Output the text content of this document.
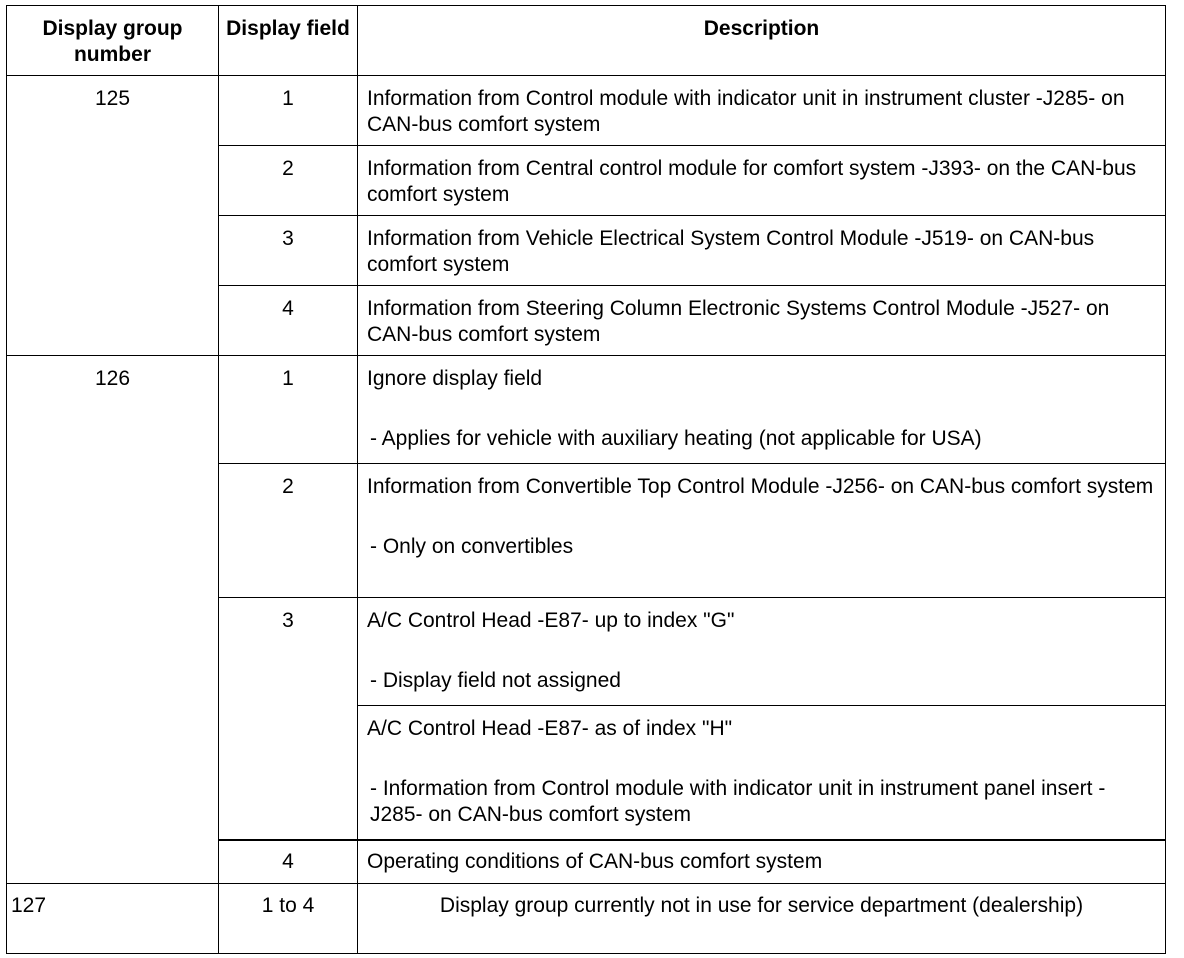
Display group number	Display field	Description
125	1	Information from Control module with indicator unit in instrument cluster -J285- on CAN-bus comfort system
	2	Information from Central control module for comfort system -J393- on the CAN-bus comfort system
	3	Information from Vehicle Electrical System Control Module -J519- on CAN-bus comfort system
	4	Information from Steering Column Electronic Systems Control Module -J527- on CAN-bus comfort system
126	1	Ignore display field
- Applies for vehicle with auxiliary heating (not applicable for USA)

	2	Information from Convertible Top Control Module -J256- on CAN-bus comfort system
- Only on convertibles

	3	A/C Control Head -E87- up to index "G"
- Display field not assigned

		A/C Control Head -E87- as of index "H"
- Information from Control module with indicator unit in instrument panel insert -J285- on CAN-bus comfort system

	4	Operating conditions of CAN-bus comfort system
127	1 to 4	Display group currently not in use for service department (dealership)
